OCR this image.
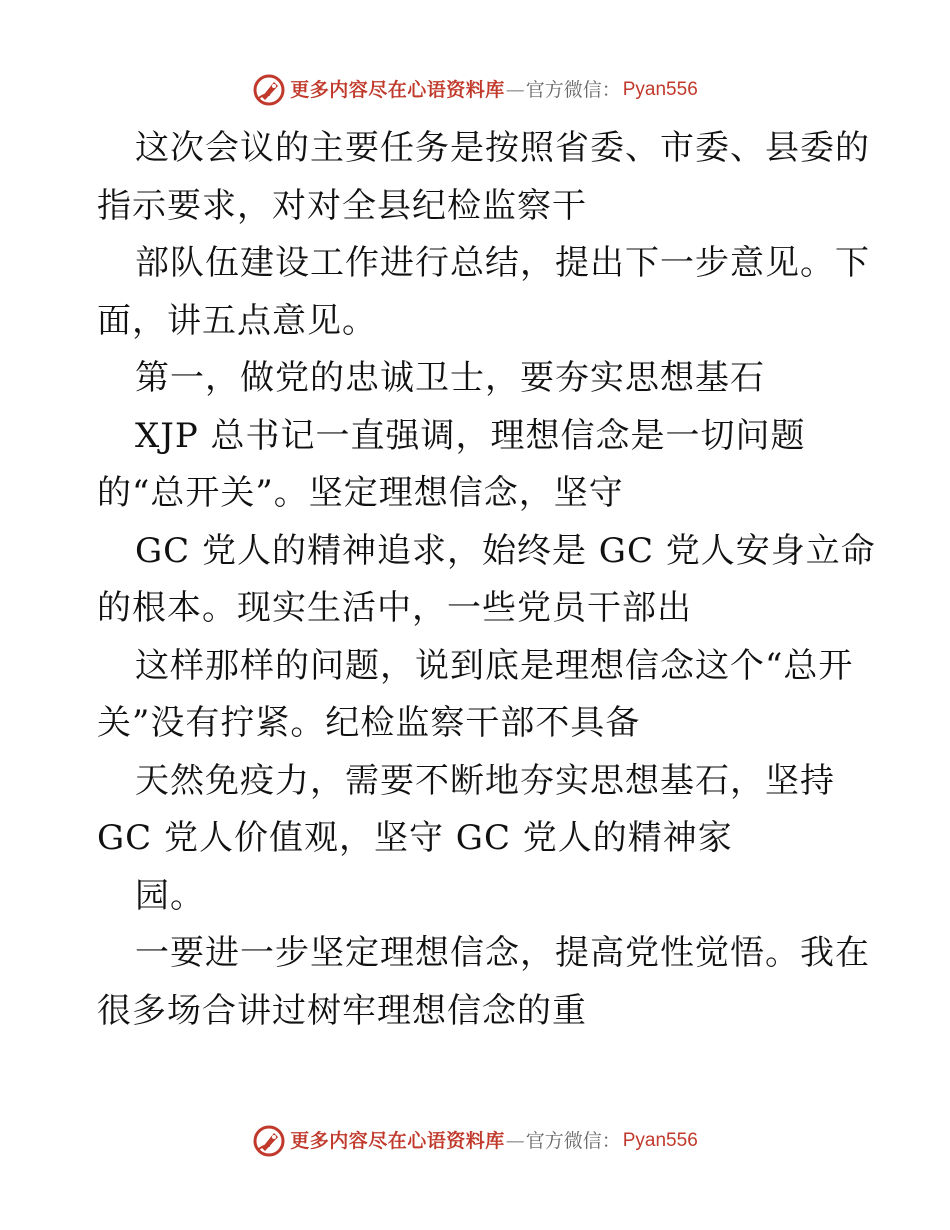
更多内容尽在心语资料库 — 官方微信： Pyan556
这次会议的主要任务是按照省委、市委、县委的
指示要求，对对全县纪检监察干
部队伍建设工作进行总结，提出下一步意见。下
面，讲五点意见。
第一，做党的忠诚卫士，要夯实思想基石
XJP 总书记一直强调，理想信念是一切问题
的“总开关”。坚定理想信念，坚守
GC 党人的精神追求，始终是 GC 党人安身立命
的根本。现实生活中，一些党员干部出
这样那样的问题，说到底是理想信念这个“总开
关”没有拧紧。纪检监察干部不具备
天然免疫力，需要不断地夯实思想基石，坚持
GC 党人价值观，坚守 GC 党人的精神家
园。
一要进一步坚定理想信念，提高党性觉悟。我在
很多场合讲过树牢理想信念的重
更多内容尽在心语资料库 — 官方微信： Pyan556
